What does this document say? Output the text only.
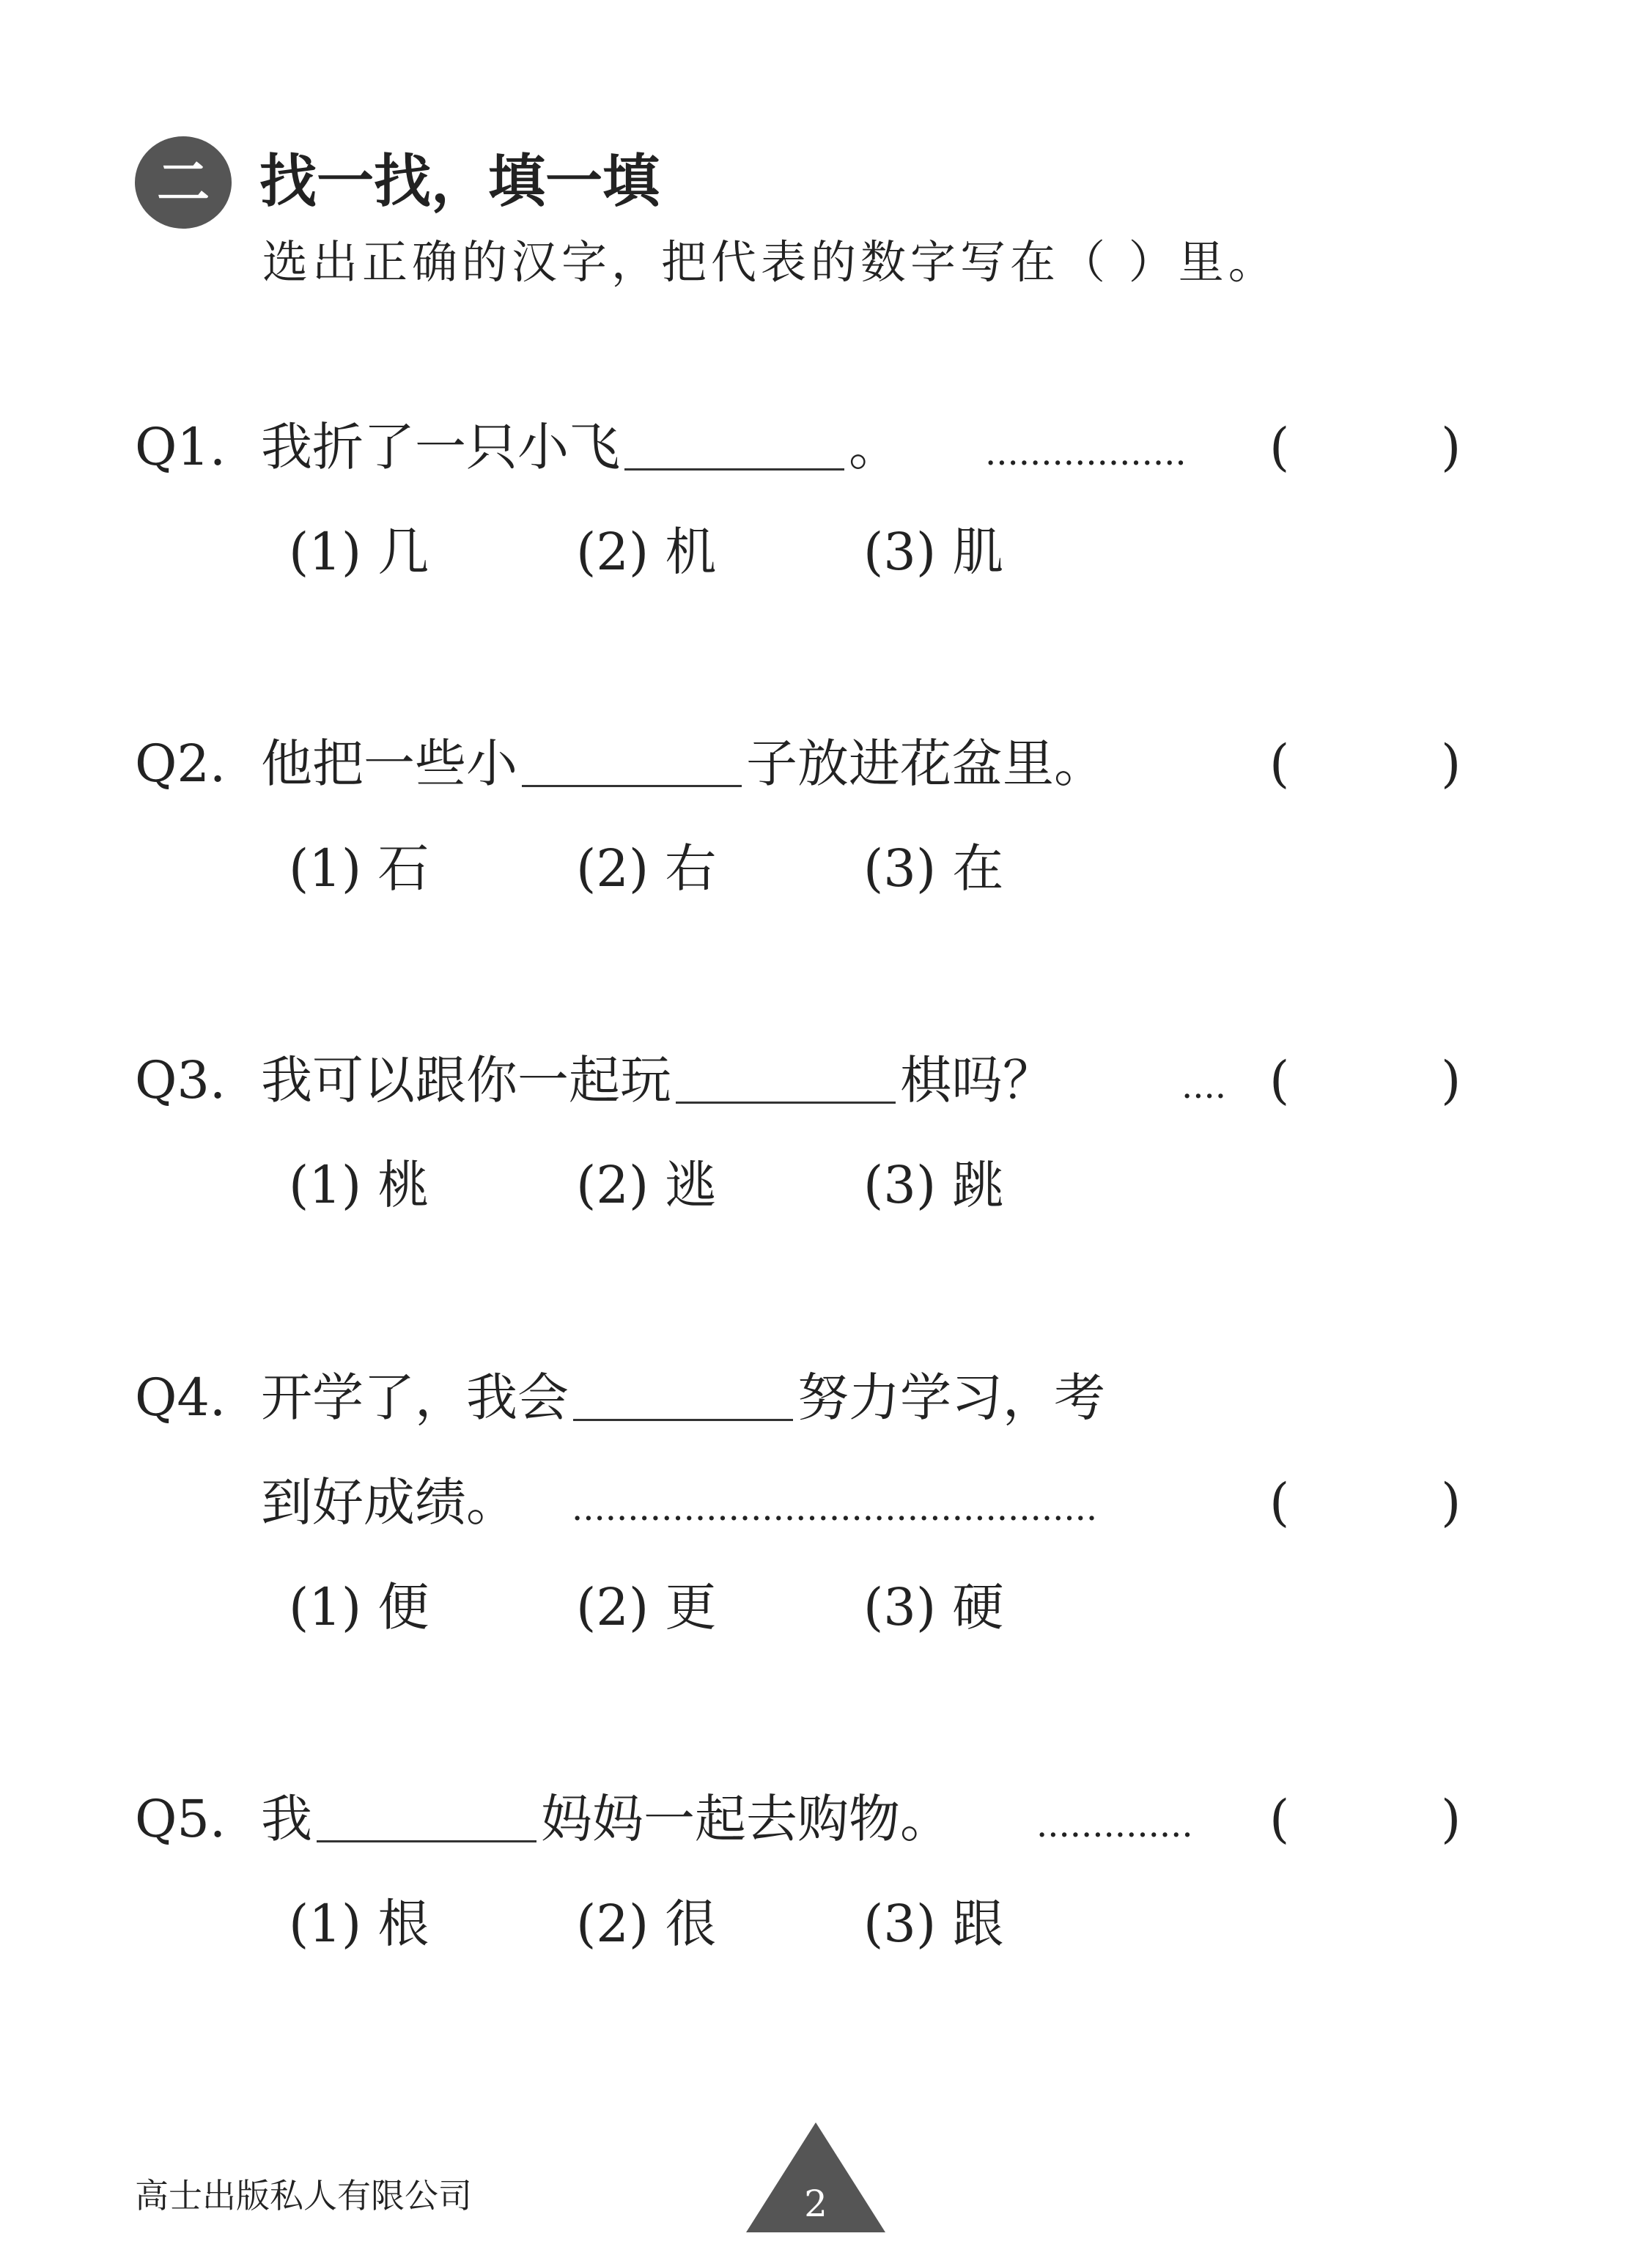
二 找一找，填一填
选出正确的汉字，把代表的数字写在（ ）里。
Q1. 我折了一只小飞	。 .................. (	)
(1) 几	(2) 机	(3) 肌
Q2. 他把一些小	子放进花盆里。	(	)
(1) 石	(2) 右	(3) 在
Q3. 我可以跟你一起玩	棋吗？	.... (	)
(1) 桃	(2) 逃	(3) 跳
Q4. 开学了，我会	努力学习，考
到好成绩。 ...............................................	(	)
(1) 便	(2) 更	(3) 硬
Q5. 我	妈妈一起去购物。 .............. (	)
(1) 根	(2) 很	(3) 跟
高士出版私人有限公司	2
